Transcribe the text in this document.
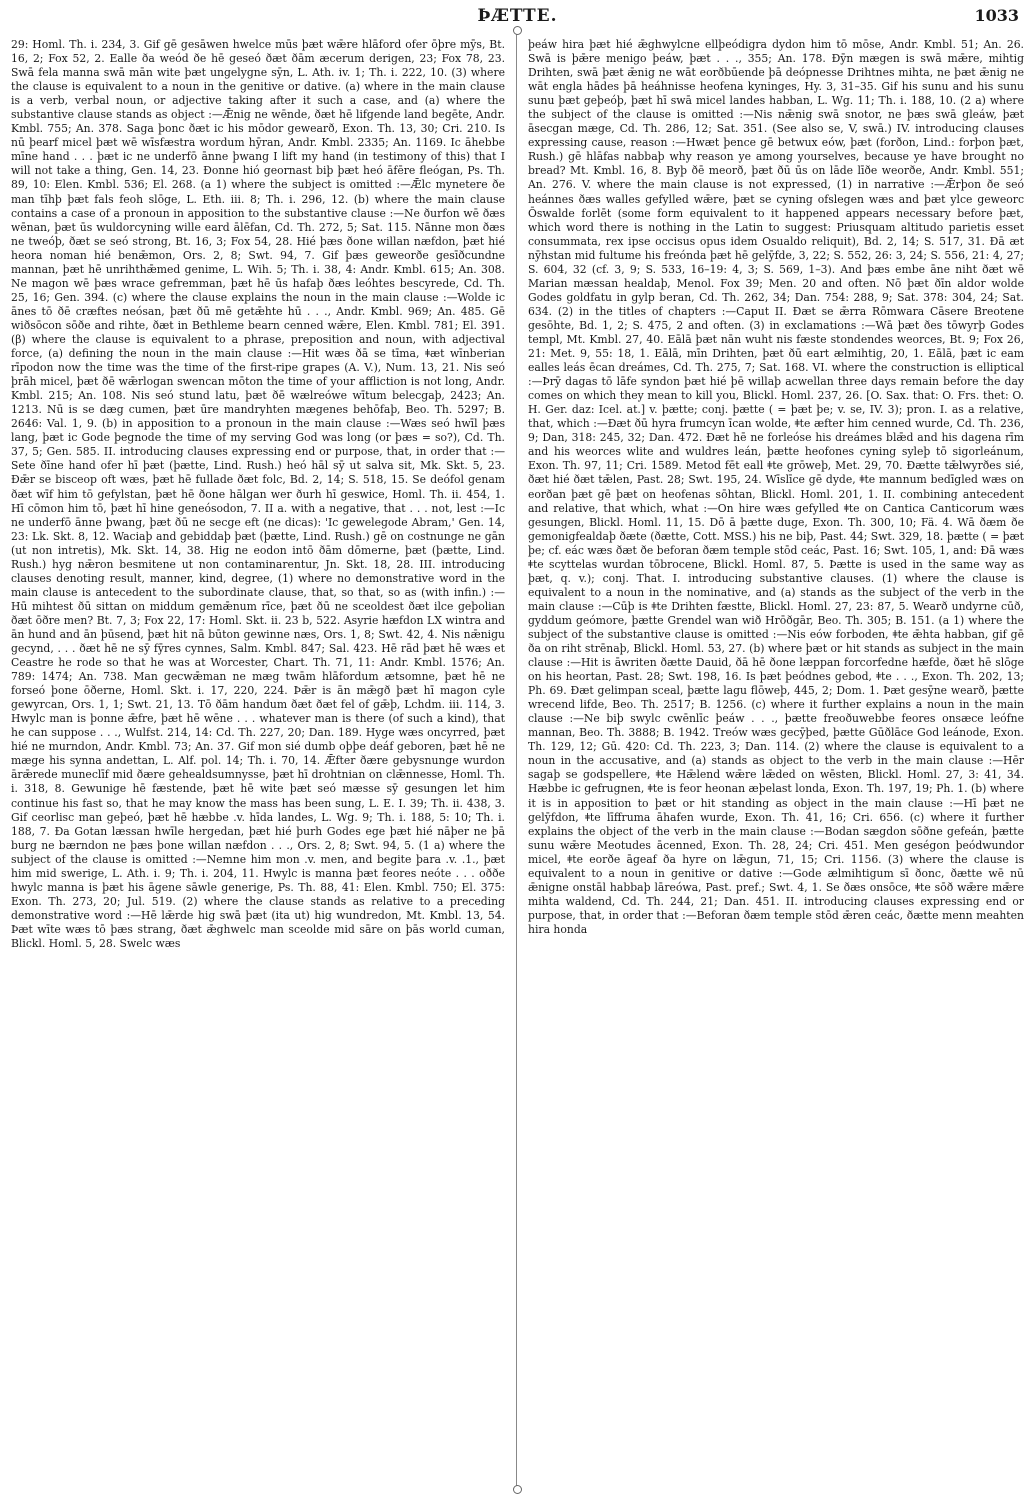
ÞÆTTE.	1033

29: Homl. Th. i. 234, 3. Gif gē gesāwen hwelce mūs þæt wǣre hlāford ofer ōþre mȳs, Bt. 16, 2; Fox 52, 2. Ealle ða weód ðe hē geseó ðæt ðām æcerum derigen, 23; Fox 78, 23. Swā fela manna swā mān wite þæt ungelygne sȳn, L. Ath. iv. 1; Th. i. 222, 10. (3) where the clause is equivalent to a noun in the genitive or dative. (a) where in the main clause is a verb, verbal noun, or adjective taking after it such a case, and (a) where the substantive clause stands as object :—Ǣnig ne wēnde, ðæt hē lifgende land begēte, Andr. Kmbl. 755; An. 378. Saga þonc ðæt ic his mōdor gewearð, Exon. Th. 13, 30; Cri. 210. Is nū þearf micel þæt wē wīsfæstra wordum hȳran, Andr. Kmbl. 2335; An. 1169. Ic āhebbe mīne hand . . . þæt ic ne underfō ānne þwang I lift my hand (in testimony of this) that I will not take a thing, Gen. 14, 23. Ðonne hió geornast biþ þæt heó āfēre fleógan, Ps. Th. 89, 10: Elen. Kmbl. 536; El. 268. (a 1) where the subject is omitted :—Ǣlc mynetere ðe man tīhþ þæt fals feoh slōge, L. Eth. iii. 8; Th. i. 296, 12. (b) where the main clause contains a case of a pronoun in apposition to the substantive clause :—Ne ðurfon wē ðæs wēnan, þæt ūs wuldorcyning wille eard ālēfan, Cd. Th. 272, 5; Sat. 115. Nānne mon ðæs ne tweóþ, ðæt se seó strong, Bt. 16, 3; Fox 54, 28. Hié þæs ðone willan næfdon, þæt hié heora noman hié benǣmon, Ors. 2, 8; Swt. 94, 7. Gif þæs geweorðe gesīðcundne mannan, þæt hē unrihthǣmed genime, L. Wih. 5; Th. i. 38, 4: Andr. Kmbl. 615; An. 308. Ne magon wē þæs wrace gefremman, þæt hē ūs hafaþ ðæs leóhtes bescyrede, Cd. Th. 25, 16; Gen. 394. (c) where the clause explains the noun in the main clause :—Wolde ic ānes tō ðē cræftes neósan, þæt ðū mē getǣhte hū . . ., Andr. Kmbl. 969; An. 485. Gē wiðsōcon sōðe and rihte, ðæt in Bethleme bearn cenned wǣre, Elen. Kmbl. 781; El. 391. (β) where the clause is equivalent to a phrase, preposition and noun, with adjectival force, (a) defining the noun in the main clause :—Hit wæs ðā se tīma, ǂæt wīnberian rīpodon now the time was the time of the first-ripe grapes (A. V.), Num. 13, 21. Nis seó þrāh micel, þæt ðē wǣrlogan swencan mōton the time of your affliction is not long, Andr. Kmbl. 215; An. 108. Nis seó stund latu, þæt ðē wælreówe wītum belecgaþ, 2423; An. 1213. Nū is se dæg cumen, þæt ūre mandryhten mægenes behōfaþ, Beo. Th. 5297; B. 2646: Val. 1, 9. (b) in apposition to a pronoun in the main clause :—Wæs seó hwīl þæs lang, þæt ic Gode þegnode the time of my serving God was long (or þæs = so?), Cd. Th. 37, 5; Gen. 585. II. introducing clauses expressing end or purpose, that, in order that :—Sete ðīne hand ofer hī þæt (þætte, Lind. Rush.) heó hāl sȳ ut salva sit, Mk. Skt. 5, 23. Ðǣr se bisceop oft wæs, þæt hē fullade ðæt folc, Bd. 2, 14; S. 518, 15. Se deófol genam ðæt wīf him tō gefylstan, þæt hē ðone hālgan wer ðurh hī geswice, Homl. Th. ii. 454, 1. Hī cōmon him tō, þæt hī hine geneósodon, 7. II a. with a negative, that . . . not, lest :—Ic ne underfō ānne þwang, þæt ðū ne secge eft (ne dicas): 'Ic gewelegode Abram,' Gen. 14, 23: Lk. Skt. 8, 12. Waciaþ and gebiddaþ þæt (þætte, Lind. Rush.) gē on costnunge ne gān (ut non intretis), Mk. Skt. 14, 38. Hig ne eodon intō ðām dōmerne, þæt (þætte, Lind. Rush.) hyg nǣron besmitene ut non contaminarentur, Jn. Skt. 18, 28. III. introducing clauses denoting result, manner, kind, degree, (1) where no demonstrative word in the main clause is antecedent to the subordinate clause, that, so that, so as (with infin.) :—Hū mihtest ðū sittan on middum gemǣnum rīce, þæt ðū ne sceoldest ðæt ilce geþolian ðæt ōðre men? Bt. 7, 3; Fox 22, 17: Homl. Skt. ii. 23 b, 522. Asyrie hæfdon LX wintra and ān hund and ān þūsend, þæt hit nā būton gewinne næs, Ors. 1, 8; Swt. 42, 4. Nis nǣnigu gecynd, . . . ðæt hē ne sȳ fȳres cynnes, Salm. Kmbl. 847; Sal. 423. Hē rād þæt hē wæs et Ceastre he rode so that he was at Worcester, Chart. Th. 71, 11: Andr. Kmbl. 1576; An. 789: 1474; An. 738. Man gecwǣman ne mæg twām hlāfordum ætsomne, þæt hē ne forseó þone ōðerne, Homl. Skt. i. 17, 220, 224. Þǣr is ān mǣgð þæt hī magon cyle gewyrcan, Ors. 1, 1; Swt. 21, 13. Tō ðām handum ðæt ðæt fel of gǣþ, Lchdm. iii. 114, 3. Hwylc man is þonne ǣfre, þæt hē wēne . . . whatever man is there (of such a kind), that he can suppose . . ., Wulfst. 214, 14: Cd. Th. 227, 20; Dan. 189. Hyge wæs oncyrred, þæt hié ne murndon, Andr. Kmbl. 73; An. 37. Gif mon sié dumb oþþe deáf geboren, þæt hē ne mæge his synna andettan, L. Alf. pol. 14; Th. i. 70, 14. Ǣfter ðære gebysnunge wurdon ārǣrede muneclīf mid ðære gehealdsumnysse, þæt hī drohtnian on clǣnnesse, Homl. Th. i. 318, 8. Gewunige hē fæstende, þæt hē wite þæt seó mæsse sȳ gesungen let him continue his fast so, that he may know the mass has been sung, L. E. I. 39; Th. ii. 438, 3. Gif ceorlisc man geþeó, þæt hē hæbbe .v. hīda landes, L. Wg. 9; Th. i. 188, 5: 10; Th. i. 188, 7. Ða Gotan læssan hwīle hergedan, þæt hié þurh Godes ege þæt hié nāþer ne þā burg ne bærndon ne þæs þone willan næfdon . . ., Ors. 2, 8; Swt. 94, 5. (1 a) where the subject of the clause is omitted :—Nemne him mon .v. men, and begite þara .v. .1., þæt him mid swerige, L. Ath. i. 9; Th. i. 204, 11. Hwylc is manna þæt feores neóte . . . oððe hwylc manna is þæt his āgene sāwle generige, Ps. Th. 88, 41: Elen. Kmbl. 750; El. 375: Exon. Th. 273, 20; Jul. 519. (2) where the clause stands as relative to a preceding demonstrative word :—Hē lǣrde hig swā þæt (ita ut) hig wundredon, Mt. Kmbl. 13, 54. Þæt wīte wæs tō þæs strang, ðæt ǣghwelc man sceolde mid sāre on þās world cuman, Blickl. Homl. 5, 28. Swelc wæs

þeáw hira þæt hié ǣghwylcne ellþeódigra dydon him tō mōse, Andr. Kmbl. 51; An. 26. Swā is þǣre menigo þeáw, þæt . . ., 355; An. 178. Ðȳn mægen is swā mǣre, mihtig Drihten, swā þæt ǣnig ne wāt eorðbūende þā deópnesse Drihtnes mihta, ne þæt ǣnig ne wāt engla hādes þā heáhnisse heofena kyninges, Hy. 3, 31–35. Gif his sunu and his sunu sunu þæt geþeóþ, þæt hī swā micel landes habban, L. Wg. 11; Th. i. 188, 10. (2 a) where the subject of the clause is omitted :—Nis nǣnig swā snotor, ne þæs swā gleáw, þæt āsecgan mæge, Cd. Th. 286, 12; Sat. 351. (See also se, V, swā.) IV. introducing clauses expressing cause, reason :—Hwæt þence gē betwux eów, þæt (forðon, Lind.: forþon þæt, Rush.) gē hlāfas nabbaþ why reason ye among yourselves, because ye have brought no bread? Mt. Kmbl. 16, 8. Byþ ðē meorð, þæt ðū ūs on lāde līðe weorðe, Andr. Kmbl. 551; An. 276. V. where the main clause is not expressed, (1) in narrative :—Ǣrþon ðe seó heánnes ðæs walles gefylled wǣre, þæt se cyning ofslegen wæs and þæt ylce geweorc Ōswalde forlēt (some form equivalent to it happened appears necessary before þæt, which word there is nothing in the Latin to suggest: Priusquam altitudo parietis esset consummata, rex ipse occisus opus idem Osualdo reliquit), Bd. 2, 14; S. 517, 31. Ðā æt nȳhstan mid fultume his freónda þæt hē gelȳfde, 3, 22; S. 552, 26: 3, 24; S. 556, 21: 4, 27; S. 604, 32 (cf. 3, 9; S. 533, 16–19: 4, 3; S. 569, 1–3). And þæs embe āne niht ðæt wē Marian mæssan healdaþ, Menol. Fox 39; Men. 20 and often. Nō þæt ðīn aldor wolde Godes goldfatu in gylp beran, Cd. Th. 262, 34; Dan. 754: 288, 9; Sat. 378: 304, 24; Sat. 634. (2) in the titles of chapters :—Caput II. Ðæt se ǣrra Rōmwara Cāsere Breotene gesōhte, Bd. 1, 2; S. 475, 2 and often. (3) in exclamations :—Wā þæt ðes tōwyrþ Godes templ, Mt. Kmbl. 27, 40. Eālā þæt nān wuht nis fæste stondendes weorces, Bt. 9; Fox 26, 21: Met. 9, 55: 18, 1. Eālā, mīn Drihten, þæt ðū eart ælmihtig, 20, 1. Eālā, þæt ic eam ealles leás ēcan dreámes, Cd. Th. 275, 7; Sat. 168. VI. where the construction is elliptical :—Þrȳ dagas tō lāfe syndon þæt hié þē willaþ acwellan three days remain before the day comes on which they mean to kill you, Blickl. Homl. 237, 26. [O. Sax. that: O. Frs. thet: O. H. Ger. daz: Icel. at.] v. þætte; conj. þætte ( = þæt þe; v. se, IV. 3); pron. I. as a relative, that, which :—Ðæt ðū hyra frumcyn īcan wolde, ǂte æfter him cenned wurde, Cd. Th. 236, 9; Dan, 318: 245, 32; Dan. 472. Ðæt hē ne forleóse his dreámes blǣd and his dagena rīm and his weorces wlite and wuldres leán, þætte heofones cyning syleþ tō sigorleánum, Exon. Th. 97, 11; Cri. 1589. Metod fēt eall ǂte grōweþ, Met. 29, 70. Ðætte tǣlwyrðes sié, ðæt hié ðæt tǣlen, Past. 28; Swt. 195, 24. Wīslīce gē dyde, ǂte mannum bedīgled wæs on eorðan þæt gē þæt on heofenas sōhtan, Blickl. Homl. 201, 1. II. combining antecedent and relative, that which, what :—On hire wæs gefylled ǂte on Cantica Canticorum wæs gesungen, Blickl. Homl. 11, 15. Dō ā þætte duge, Exon. Th. 300, 10; Fä. 4. Wā ðæm ðe gemonigfealdaþ ðæte (ðætte, Cott. MSS.) his ne biþ, Past. 44; Swt. 329, 18. þætte ( = þæt þe; cf. eác wæs ðæt ðe beforan ðæm temple stōd ceác, Past. 16; Swt. 105, 1, and: Ðā wæs ǂte scyttelas wurdan tōbrocene, Blickl. Homl. 87, 5. Þætte is used in the same way as þæt, q. v.); conj. That. I. introducing substantive clauses. (1) where the clause is equivalent to a noun in the nominative, and (a) stands as the subject of the verb in the main clause :—Cūþ is ǂte Drihten fæstte, Blickl. Homl. 27, 23: 87, 5. Wearð undyrne cūð, gyddum geómore, þætte Grendel wan wið Hrōðgār, Beo. Th. 305; B. 151. (a 1) where the subject of the substantive clause is omitted :—Nis eów forboden, ǂte ǣhta habban, gif gē ða on riht strēnaþ, Blickl. Homl. 53, 27. (b) where þæt or hit stands as subject in the main clause :—Hit is āwriten ðætte Dauid, ðā hē ðone læppan forcorfedne hæfde, ðæt hē slōge on his heortan, Past. 28; Swt. 198, 16. Is þæt þeódnes gebod, ǂte . . ., Exon. Th. 202, 13; Ph. 69. Ðæt gelimpan sceal, þætte lagu flōweþ, 445, 2; Dom. 1. Þæt gesȳne wearð, þætte wrecend lifde, Beo. Th. 2517; B. 1256. (c) where it further explains a noun in the main clause :—Ne biþ swylc cwēnlīc þeáw . . ., þætte freoðuwebbe feores onsæce leófne mannan, Beo. Th. 3888; B. 1942. Treów wæs gecȳþed, þætte Gūðlāce God leánode, Exon. Th. 129, 12; Gū. 420: Cd. Th. 223, 3; Dan. 114. (2) where the clause is equivalent to a noun in the accusative, and (a) stands as object to the verb in the main clause :—Hēr sagaþ se godspellere, ǂte Hǣlend wǣre lǣded on wēsten, Blickl. Homl. 27, 3: 41, 34. Hæbbe ic gefrugnen, ǂte is feor heonan æþelast londa, Exon. Th. 197, 19; Ph. 1. (b) where it is in apposition to þæt or hit standing as object in the main clause :—Hī þæt ne gelȳfdon, ǂte līffruma āhafen wurde, Exon. Th. 41, 16; Cri. 656. (c) where it further explains the object of the verb in the main clause :—Bodan sægdon sōðne gefeán, þætte sunu wǣre Meotudes ācenned, Exon. Th. 28, 24; Cri. 451. Men geségon þeódwundor micel, ǂte eorðe āgeaf ða hyre on lǣgun, 71, 15; Cri. 1156. (3) where the clause is equivalent to a noun in genitive or dative :—Gode ælmihtigum sī ðonc, ðætte wē nū ǣnigne onstāl habbaþ lāreówa, Past. pref.; Swt. 4, 1. Se ðæs onsōce, ǂte sōð wǣre mǣre mihta waldend, Cd. Th. 244, 21; Dan. 451. II. introducing clauses expressing end or purpose, that, in order that :—Beforan ðæm temple stōd ǣren ceác, ðætte menn meahten hira honda
